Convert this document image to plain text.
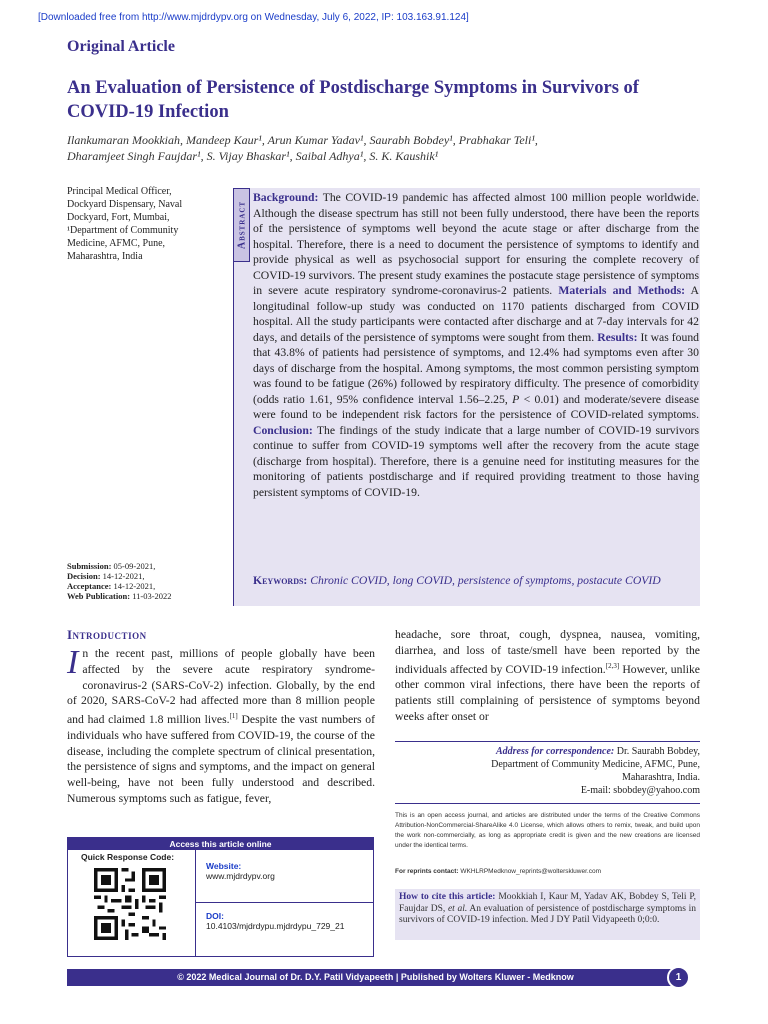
[Downloaded free from http://www.mjdrdypv.org on Wednesday, July 6, 2022, IP: 103.163.91.124]
Original Article
An Evaluation of Persistence of Postdischarge Symptoms in Survivors of COVID-19 Infection
Ilankumaran Mookkiah, Mandeep Kaur¹, Arun Kumar Yadav¹, Saurabh Bobdey¹, Prabhakar Teli¹,
Dharamjeet Singh Faujdar¹, S. Vijay Bhaskar¹, Saibal Adhya¹, S. K. Kaushik¹
Principal Medical Officer,
Dockyard Dispensary, Naval
Dockyard, Fort, Mumbai,
¹Department of Community
Medicine, AFMC, Pune,
Maharashtra, India
Submission: 05-09-2021,
Decision: 14-12-2021,
Acceptance: 14-12-2021,
Web Publication: 11-03-2022
Abstract
Background: The COVID-19 pandemic has affected almost 100 million people worldwide. Although the disease spectrum has still not been fully understood, there have been the reports of the persistence of symptoms well beyond the acute stage or after discharge from the hospital. Therefore, there is a need to document the persistence of symptoms to identify and provide physical as well as psychosocial support for ensuring the complete recovery of COVID-19 survivors. The present study examines the postacute stage persistence of symptoms in severe acute respiratory syndrome-coronavirus-2 patients. Materials and Methods: A longitudinal follow-up study was conducted on 1170 patients discharged from COVID hospital. All the study participants were contacted after discharge and at 7-day intervals for 42 days, and details of the persistence of symptoms were sought from them. Results: It was found that 43.8% of patients had persistence of symptoms, and 12.4% had symptoms even after 30 days of discharge from the hospital. Among symptoms, the most common persisting symptom was found to be fatigue (26%) followed by respiratory difficulty. The presence of comorbidity (odds ratio 1.61, 95% confidence interval 1.56–2.25, P < 0.01) and moderate/severe disease were found to be independent risk factors for the persistence of COVID-related symptoms. Conclusion: The findings of the study indicate that a large number of COVID-19 survivors continue to suffer from COVID-19 symptoms well after the recovery from the acute stage (discharge from hospital). Therefore, there is a genuine need for instituting measures for the monitoring of patients postdischarge and if required providing treatment to those having persistent symptoms of COVID-19.
Keywords: Chronic COVID, long COVID, persistence of symptoms, postacute COVID
Introduction
In the recent past, millions of people globally have been affected by the severe acute respiratory syndrome-coronavirus-2 (SARS-CoV-2) infection. Globally, by the end of 2020, SARS-CoV-2 had affected more than 8 million people and had claimed 1.8 million lives.[1] Despite the vast numbers of individuals who have suffered from COVID-19, the course of the disease, including the complete spectrum of clinical presentation, the persistence of signs and symptoms, and the impact on general well-being, have not been fully understood and described. Numerous symptoms such as fatigue, fever,
headache, sore throat, cough, dyspnea, nausea, vomiting, diarrhea, and loss of taste/smell have been reported by the individuals affected by COVID-19 infection.[2,3] However, unlike other common viral infections, there have been the reports of patients still complaining of persistence of symptoms beyond weeks after onset or
Access this article online
Quick Response Code:
Website:
www.mjdrdypv.org
DOI:
10.4103/mjdrdypu.mjdrdypu_729_21
Address for correspondence: Dr. Saurabh Bobdey,
Department of Community Medicine, AFMC, Pune,
Maharashtra, India.
E-mail: sbobdey@yahoo.com
This is an open access journal, and articles are distributed under the terms of the Creative Commons Attribution-NonCommercial-ShareAlike 4.0 License, which allows others to remix, tweak, and build upon the work non-commercially, as long as appropriate credit is given and the new creations are licensed under the identical terms.
For reprints contact: WKHLRPMedknow_reprints@wolterskluwer.com
How to cite this article: Mookkiah I, Kaur M, Yadav AK, Bobdey S, Teli P, Faujdar DS, et al. An evaluation of persistence of postdischarge symptoms in survivors of COVID-19 infection. Med J DY Patil Vidyapeeth 0;0:0.
© 2022 Medical Journal of Dr. D.Y. Patil Vidyapeeth | Published by Wolters Kluwer - Medknow	1
